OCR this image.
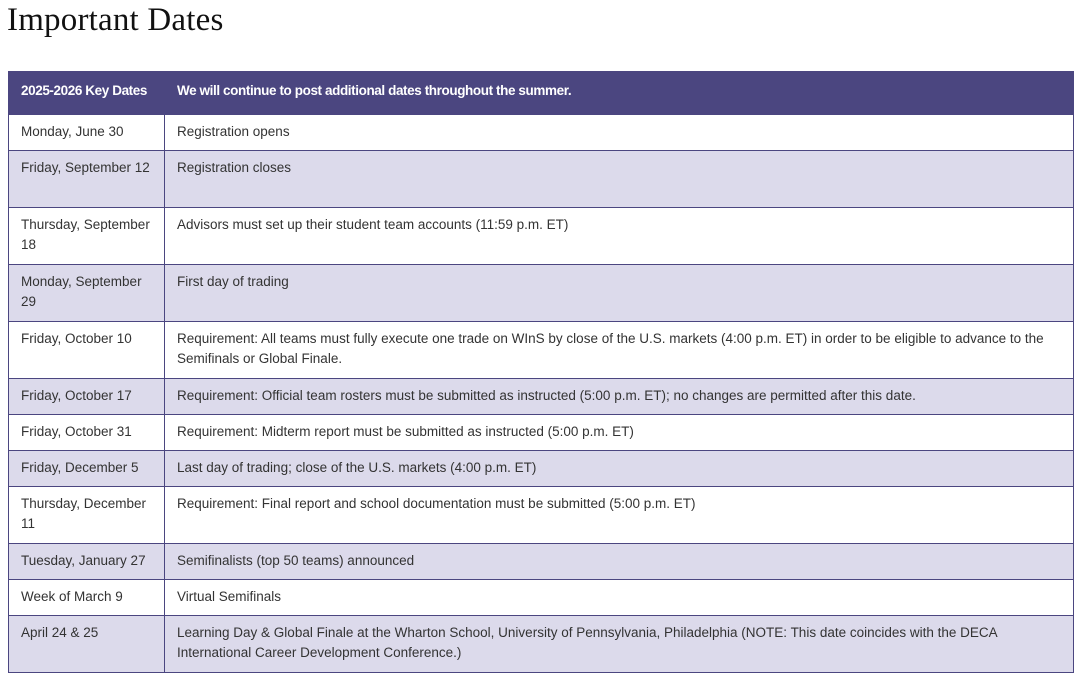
Important Dates
2025-2026 Key Dates	We will continue to post additional dates throughout the summer.
Monday, June 30	Registration opens
Friday, September 12	Registration closes
Thursday, September 18	Advisors must set up their student team accounts (11:59 p.m. ET)
Monday, September 29	First day of trading
Friday, October 10	Requirement: All teams must fully execute one trade on WInS by close of the U.S. markets (4:00 p.m. ET) in order to be eligible to advance to the Semifinals or Global Finale.
Friday, October 17	Requirement: Official team rosters must be submitted as instructed (5:00 p.m. ET); no changes are permitted after this date.
Friday, October 31	Requirement: Midterm report must be submitted as instructed (5:00 p.m. ET)
Friday, December 5	Last day of trading; close of the U.S. markets (4:00 p.m. ET)
Thursday, December 11	Requirement: Final report and school documentation must be submitted (5:00 p.m. ET)
Tuesday, January 27	Semifinalists (top 50 teams) announced
Week of March 9	Virtual Semifinals
April 24 & 25	Learning Day & Global Finale at the Wharton School, University of Pennsylvania, Philadelphia (NOTE: This date coincides with the DECA International Career Development Conference.)
